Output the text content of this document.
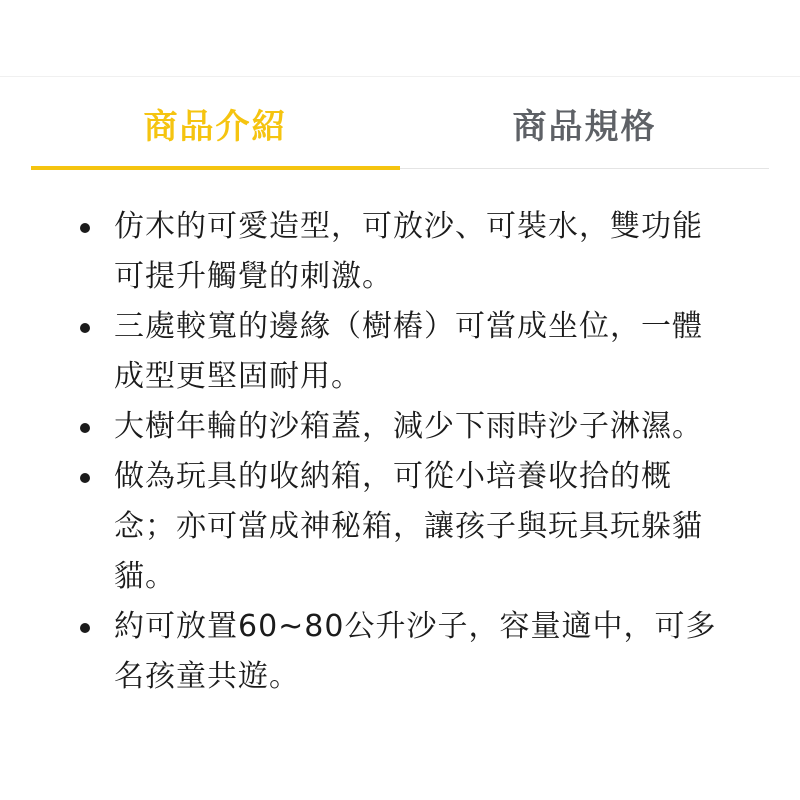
商品介紹	商品規格
仿木的可愛造型，可放沙、可裝水，雙功能
可提升觸覺的刺激。
三處較寬的邊緣（樹樁）可當成坐位，一體
成型更堅固耐用。
大樹年輪的沙箱蓋，減少下雨時沙子淋濕。
做為玩具的收納箱，可從小培養收拾的概
念；亦可當成神秘箱，讓孩子與玩具玩躲貓
貓。
約可放置60~80公升沙子，容量適中，可多
名孩童共遊。
